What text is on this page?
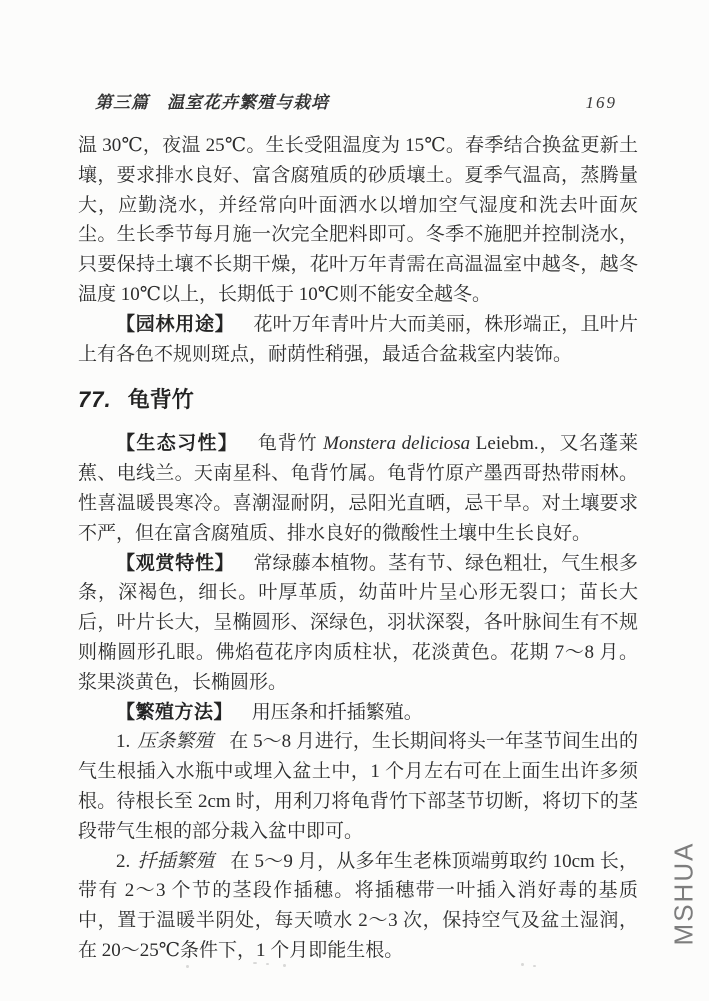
第三篇　温室花卉繁殖与栽培	169

温 30℃，夜温 25℃。生长受阻温度为 15℃。春季结合换盆更新土壤，要求排水良好、富含腐殖质的砂质壤土。夏季气温高，蒸腾量大，应勤浇水，并经常向叶面洒水以增加空气湿度和洗去叶面灰尘。生长季节每月施一次完全肥料即可。冬季不施肥并控制浇水，只要保持土壤不长期干燥，花叶万年青需在高温温室中越冬，越冬温度 10℃以上，长期低于 10℃则不能安全越冬。

【园林用途】 花叶万年青叶片大而美丽，株形端正，且叶片上有各色不规则斑点，耐荫性稍强，最适合盆栽室内装饰。

77. 龟背竹

【生态习性】 龟背竹 Monstera deliciosa Leiebm.，又名蓬莱蕉、电线兰。天南星科、龟背竹属。龟背竹原产墨西哥热带雨林。性喜温暖畏寒冷。喜潮湿耐阴，忌阳光直晒，忌干旱。对土壤要求不严，但在富含腐殖质、排水良好的微酸性土壤中生长良好。

【观赏特性】 常绿藤本植物。茎有节、绿色粗壮，气生根多条，深褐色，细长。叶厚革质，幼苗叶片呈心形无裂口；苗长大后，叶片长大，呈椭圆形、深绿色，羽状深裂，各叶脉间生有不规则椭圆形孔眼。佛焰苞花序肉质柱状，花淡黄色。花期 7～8 月。浆果淡黄色，长椭圆形。

【繁殖方法】 用压条和扦插繁殖。

1. 压条繁殖 在 5～8 月进行，生长期间将头一年茎节间生出的气生根插入水瓶中或埋入盆土中，1 个月左右可在上面生出许多须根。待根长至 2cm 时，用利刀将龟背竹下部茎节切断，将切下的茎段带气生根的部分栽入盆中即可。

2. 扦插繁殖 在 5～9 月，从多年生老株顶端剪取约 10cm 长，带有 2～3 个节的茎段作插穗。将插穗带一叶插入消好毒的基质中，置于温暖半阴处，每天喷水 2～3 次，保持空气及盆土湿润，在 20～25℃条件下，1 个月即能生根。

MSHUA
